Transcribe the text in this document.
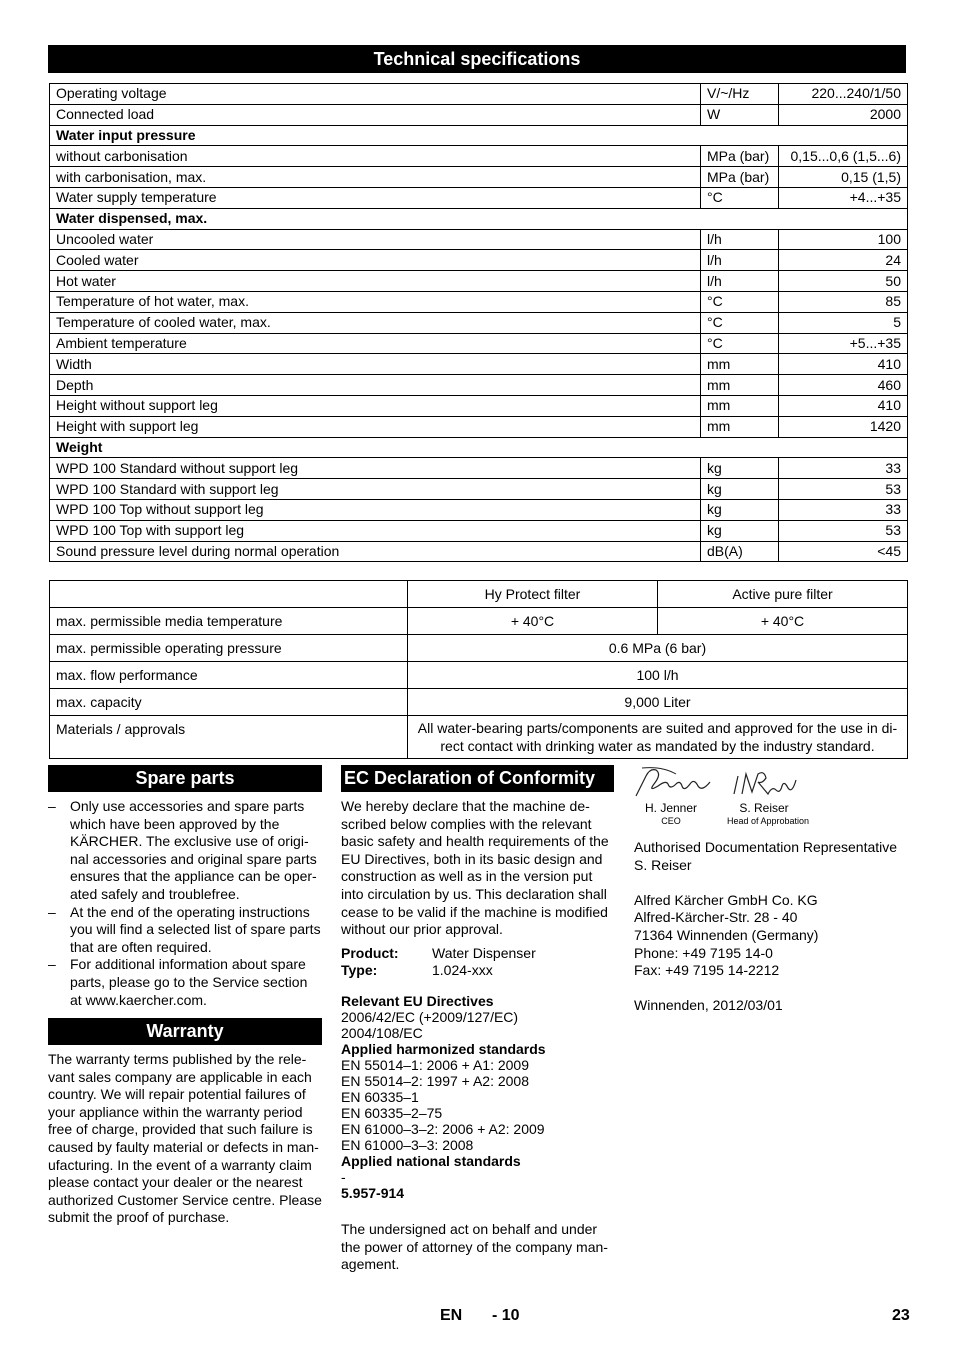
Technical specifications
Operating voltage	V/~/Hz	220...240/1/50
Connected load	W	2000
Water input pressure		
without carbonisation	MPa (bar)	0,15...0,6 (1,5...6)
with carbonisation, max.	MPa (bar)	0,15 (1,5)
Water supply temperature	°C	+4...+35
Water dispensed, max.		
Uncooled water	l/h	100
Cooled water	l/h	24
Hot water	l/h	50
Temperature of hot water, max.	°C	85
Temperature of cooled water, max.	°C	5
Ambient temperature	°C	+5...+35
Width	mm	410
Depth	mm	460
Height without support leg	mm	410
Height with support leg	mm	1420
Weight		
WPD 100 Standard without support leg	kg	33
WPD 100 Standard with support leg	kg	53
WPD 100 Top without support leg	kg	33
WPD 100 Top with support leg	kg	53
Sound pressure level during normal operation	dB(A)	<45
	Hy Protect filter	Active pure filter
max. permissible media temperature	+ 40°C	+ 40°C
max. permissible operating pressure	0.6 MPa (6 bar)	
max. flow performance	100 l/h	
max. capacity	9,000 Liter	
Materials / approvals	All water-bearing parts/components are suited and approved for the use in di- rect contact with drinking water as mandated by the industry standard.	
Spare parts
– Only use accessories and spare parts which have been approved by the KÄRCHER. The exclusive use of origi- nal accessories and original spare parts ensures that the appliance can be oper- ated safely and troublefree.
– At the end of the operating instructions you will find a selected list of spare parts that are often required.
– For additional information about spare parts, please go to the Service section at www.kaercher.com.
Warranty
The warranty terms published by the rele- vant sales company are applicable in each country. We will repair potential failures of your appliance within the warranty period free of charge, provided that such failure is caused by faulty material or defects in man- ufacturing. In the event of a warranty claim please contact your dealer or the nearest authorized Customer Service centre. Please submit the proof of purchase.
EC Declaration of Conformity
We hereby declare that the machine de- scribed below complies with the relevant basic safety and health requirements of the EU Directives, both in its basic design and construction as well as in the version put into circulation by us. This declaration shall cease to be valid if the machine is modified without our prior approval.
Product:	Water Dispenser
Type:	1.024-xxx
Relevant EU Directives
2006/42/EC (+2009/127/EC)
2004/108/EC
Applied harmonized standards
EN 55014–1: 2006 + A1: 2009
EN 55014–2: 1997 + A2: 2008
EN 60335–1
EN 60335–2–75
EN 61000–3–2: 2006 + A2: 2009
EN 61000–3–3: 2008
Applied national standards
-
5.957-914
The undersigned act on behalf and under the power of attorney of the company man- agement.
H. Jenner
CEO
S. Reiser
Head of Approbation
Authorised Documentation Representative
S. Reiser
Alfred Kärcher GmbH Co. KG
Alfred-Kärcher-Str. 28 - 40
71364 Winnenden (Germany)
Phone: +49 7195 14-0
Fax: +49 7195 14-2212
Winnenden, 2012/03/01
EN - 10	23
